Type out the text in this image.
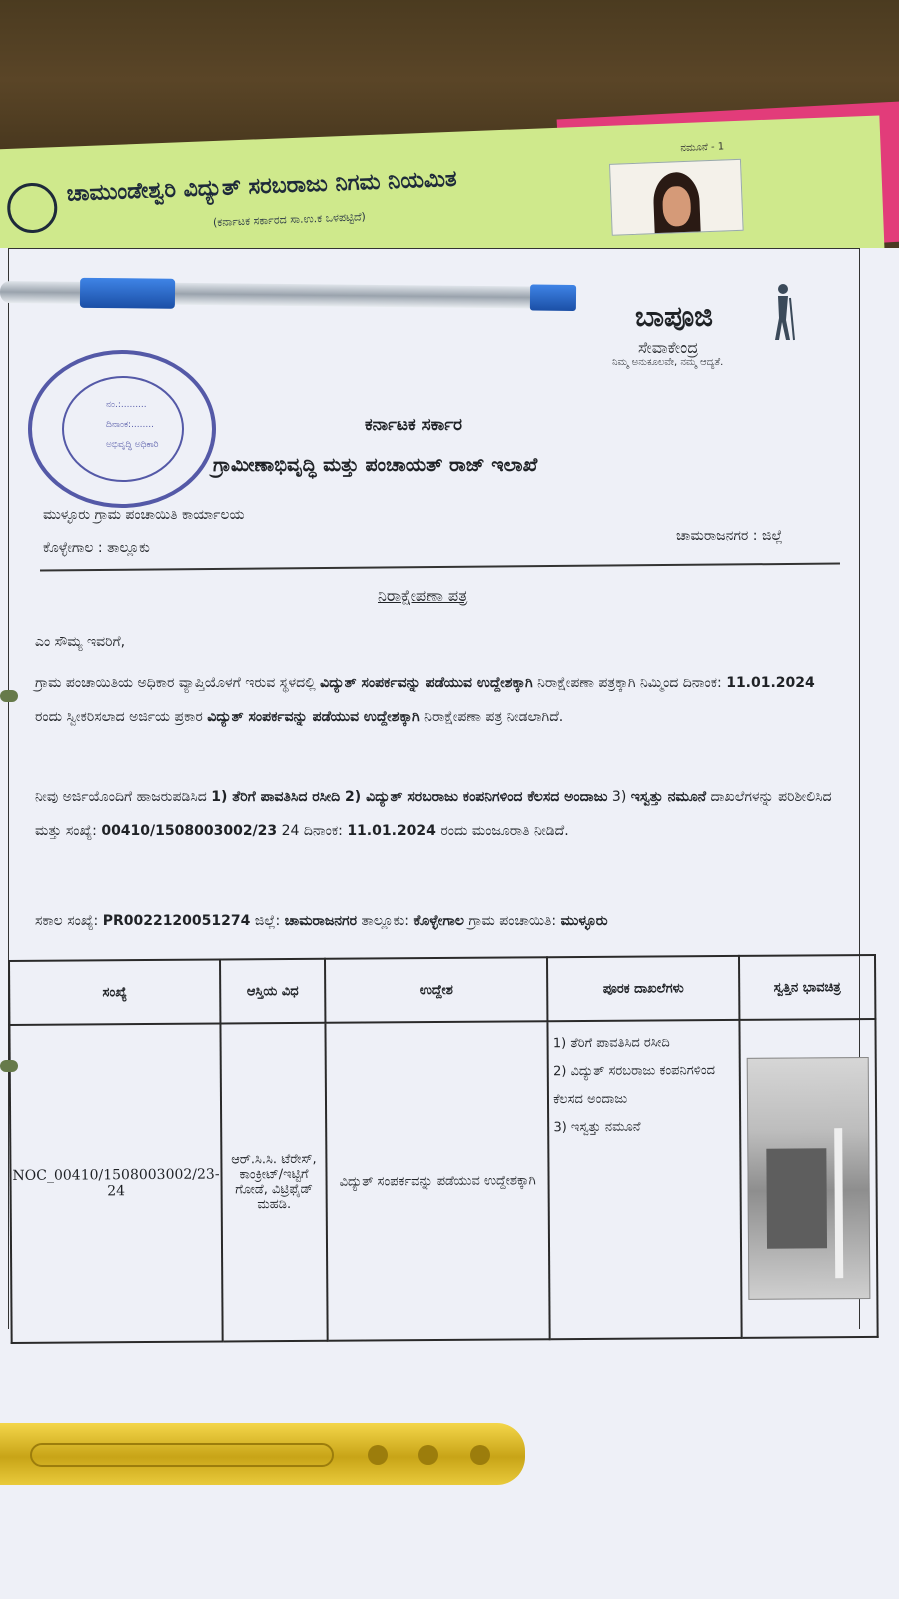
ಚಾಮುಂಡೇಶ್ವರಿ ವಿದ್ಯುತ್ ಸರಬರಾಜು ನಿಗಮ ನಿಯಮಿತ
(ಕರ್ನಾಟಕ ಸರ್ಕಾರದ ಸಾ.ಉ.ಕ ಒಳಪಟ್ಟಿದೆ)
ನಮೂನೆ - 1
ಬಾಪೂಜಿ
ಸೇವಾಕೇಂದ್ರ
ನಿಮ್ಮ ಅನುಕೂಲವೇ, ನಮ್ಮ ಆದ್ಯತೆ.
ನಂ.:.........
ದಿನಾಂಕ:........
ಅಭಿವೃದ್ಧಿ ಅಧಿಕಾರಿ
ಕರ್ನಾಟಕ ಸರ್ಕಾರ
ಗ್ರಾಮೀಣಾಭಿವೃದ್ಧಿ ಮತ್ತು ಪಂಚಾಯತ್ ರಾಜ್ ಇಲಾಖೆ
ಮುಳ್ಳೂರು ಗ್ರಾಮ ಪಂಚಾಯಿತಿ ಕಾರ್ಯಾಲಯ
ಕೊಳ್ಳೇಗಾಲ : ತಾಲ್ಲೂಕು
ಚಾಮರಾಜನಗರ : ಜಿಲ್ಲೆ
ನಿರಾಕ್ಷೇಪಣಾ ಪತ್ರ
ಎಂ ಸೌಮ್ಯ ಇವರಿಗೆ,
ಗ್ರಾಮ ಪಂಚಾಯಿತಿಯ ಅಧಿಕಾರ ವ್ಯಾಪ್ತಿಯೊಳಗೆ ಇರುವ ಸ್ಥಳದಲ್ಲಿ ವಿದ್ಯುತ್ ಸಂಪರ್ಕವನ್ನು ಪಡೆಯುವ ಉದ್ದೇಶಕ್ಕಾಗಿ ನಿರಾಕ್ಷೇಪಣಾ ಪತ್ರಕ್ಕಾಗಿ ನಿಮ್ಮಿಂದ ದಿನಾಂಕ: 11.01.2024 ರಂದು ಸ್ವೀಕರಿಸಲಾದ ಅರ್ಜಿಯ ಪ್ರಕಾರ ವಿದ್ಯುತ್ ಸಂಪರ್ಕವನ್ನು ಪಡೆಯುವ ಉದ್ದೇಶಕ್ಕಾಗಿ ನಿರಾಕ್ಷೇಪಣಾ ಪತ್ರ ನೀಡಲಾಗಿದೆ.
ನೀವು ಅರ್ಜಿಯೊಂದಿಗೆ ಹಾಜರುಪಡಿಸಿದ 1) ತೆರಿಗೆ ಪಾವತಿಸಿದ ರಸೀದಿ 2) ವಿದ್ಯುತ್ ಸರಬರಾಜು ಕಂಪನಿಗಳಿಂದ ಕೆಲಸದ ಅಂದಾಜು 3) ಇಸ್ವತ್ತು ನಮೂನೆ ದಾಖಲೆಗಳನ್ನು ಪರಿಶೀಲಿಸಿದ ಮತ್ತು ಸಂಖ್ಯೆ: 00410/1508003002/23 24 ದಿನಾಂಕ: 11.01.2024 ರಂದು ಮಂಜೂರಾತಿ ನೀಡಿದೆ.
ಸಕಾಲ ಸಂಖ್ಯೆ: PR0022120051274 ಜಿಲ್ಲೆ: ಚಾಮರಾಜನಗರ ತಾಲ್ಲೂಕು: ಕೊಳ್ಳೇಗಾಲ ಗ್ರಾಮ ಪಂಚಾಯಿತಿ: ಮುಳ್ಳೂರು
ಸಂಖ್ಯೆ	ಆಸ್ತಿಯ ವಿಧ	ಉದ್ದೇಶ	ಪೂರಕ ದಾಖಲೆಗಳು	ಸ್ವತ್ತಿನ ಭಾವಚಿತ್ರ
NOC_00410/1508003002/23-24	ಆರ್.ಸಿ.ಸಿ. ಟೆರೇಸ್, ಕಾಂಕ್ರೀಟ್/ಇಟ್ಟಿಗೆ ಗೋಡೆ, ವಿಟ್ರಿಫೈಡ್ ಮಹಡಿ.	ವಿದ್ಯುತ್ ಸಂಪರ್ಕವನ್ನು ಪಡೆಯುವ ಉದ್ದೇಶಕ್ಕಾಗಿ	1) ತೆರಿಗೆ ಪಾವತಿಸಿದ ರಸೀದಿ
2) ವಿದ್ಯುತ್ ಸರಬರಾಜು ಕಂಪನಿಗಳಿಂದ ಕೆಲಸದ ಅಂದಾಜು
3) ಇಸ್ವತ್ತು ನಮೂನೆ	
